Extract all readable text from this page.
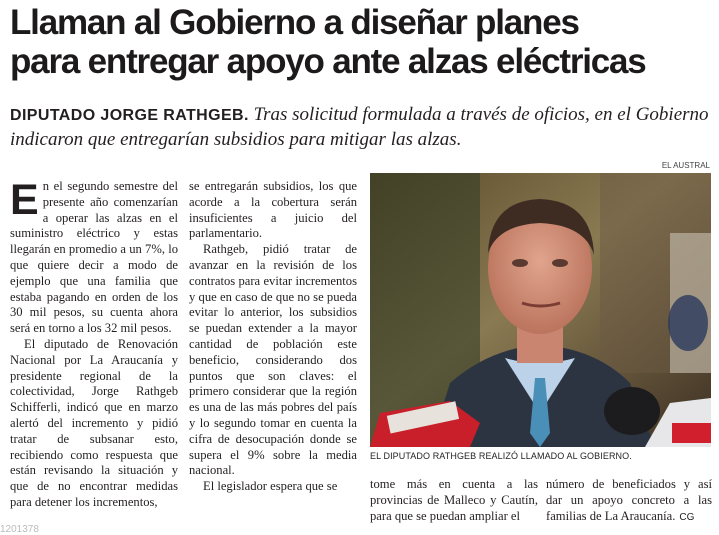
Llaman al Gobierno a diseñar planes
para entregar apoyo ante alzas eléctricas
DIPUTADO JORGE RATHGEB. Tras solicitud formulada a través de oficios, en el Gobierno indicaron que entregarían subsidios para mitigar las alzas.
E n el segundo semestre del presente año comenzarían a operar las alzas en el suministro eléctrico y estas llegarán en promedio a un 7%, lo que quiere decir a modo de ejemplo que una familia que estaba pagando en orden de los 30 mil pesos, su cuenta ahora será en torno a los 32 mil pesos.

El diputado de Renovación Nacional por La Araucanía y presidente regional de la colectividad, Jorge Rathgeb Schifferli, indicó que en marzo alertó del incremento y pidió tratar de subsanar esto, recibiendo como respuesta que están revisando la situación y que de no encontrar medidas para detener los incrementos,

se entregarán subsidios, los que acorde a la cobertura serán insuficientes a juicio del parlamentario.

Rathgeb, pidió tratar de avanzar en la revisión de los contratos para evitar incrementos y que en caso de que no se pueda evitar lo anterior, los subsidios se puedan extender a la mayor cantidad de población este beneficio, considerando dos puntos que son claves: el primero considerar que la región es una de las más pobres del país y lo segundo tomar en cuenta la cifra de desocupación donde se supera el 9% sobre la media nacional.

El legislador espera que se

EL AUSTRAL
EL DIPUTADO RATHGEB REALIZÓ LLAMADO AL GOBIERNO.

tome más en cuenta a las provincias de Malleco y Cautín, para que se puedan ampliar el

número de beneficiados y así dar un apoyo concreto a las familias de La Araucanía. CG

1201378
